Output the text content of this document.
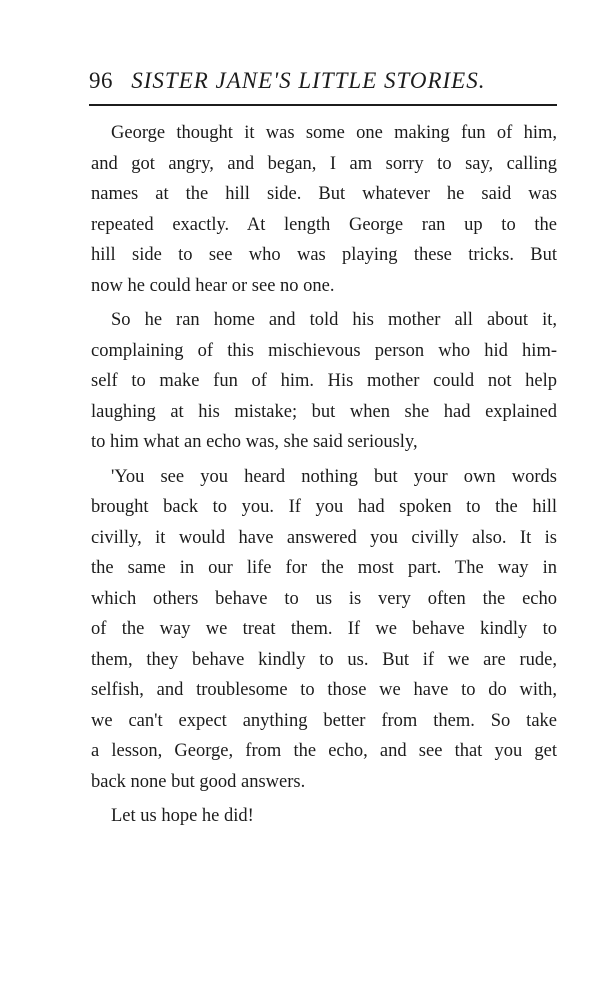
96 SISTER JANE'S LITTLE STORIES.
George thought it was some one making fun of him,
and got angry, and began, I am sorry to say, calling
names at the hill side. But whatever he said was
repeated exactly. At length George ran up to the
hill side to see who was playing these tricks. But
now he could hear or see no one.
So he ran home and told his mother all about it,
complaining of this mischievous person who hid him-
self to make fun of him. His mother could not help
laughing at his mistake; but when she had explained
to him what an echo was, she said seriously,
'You see you heard nothing but your own words
brought back to you. If you had spoken to the hill
civilly, it would have answered you civilly also. It is
the same in our life for the most part. The way in
which others behave to us is very often the echo
of the way we treat them. If we behave kindly to
them, they behave kindly to us. But if we are rude,
selfish, and troublesome to those we have to do with,
we can't expect anything better from them. So take
a lesson, George, from the echo, and see that you get
back none but good answers.
Let us hope he did!
